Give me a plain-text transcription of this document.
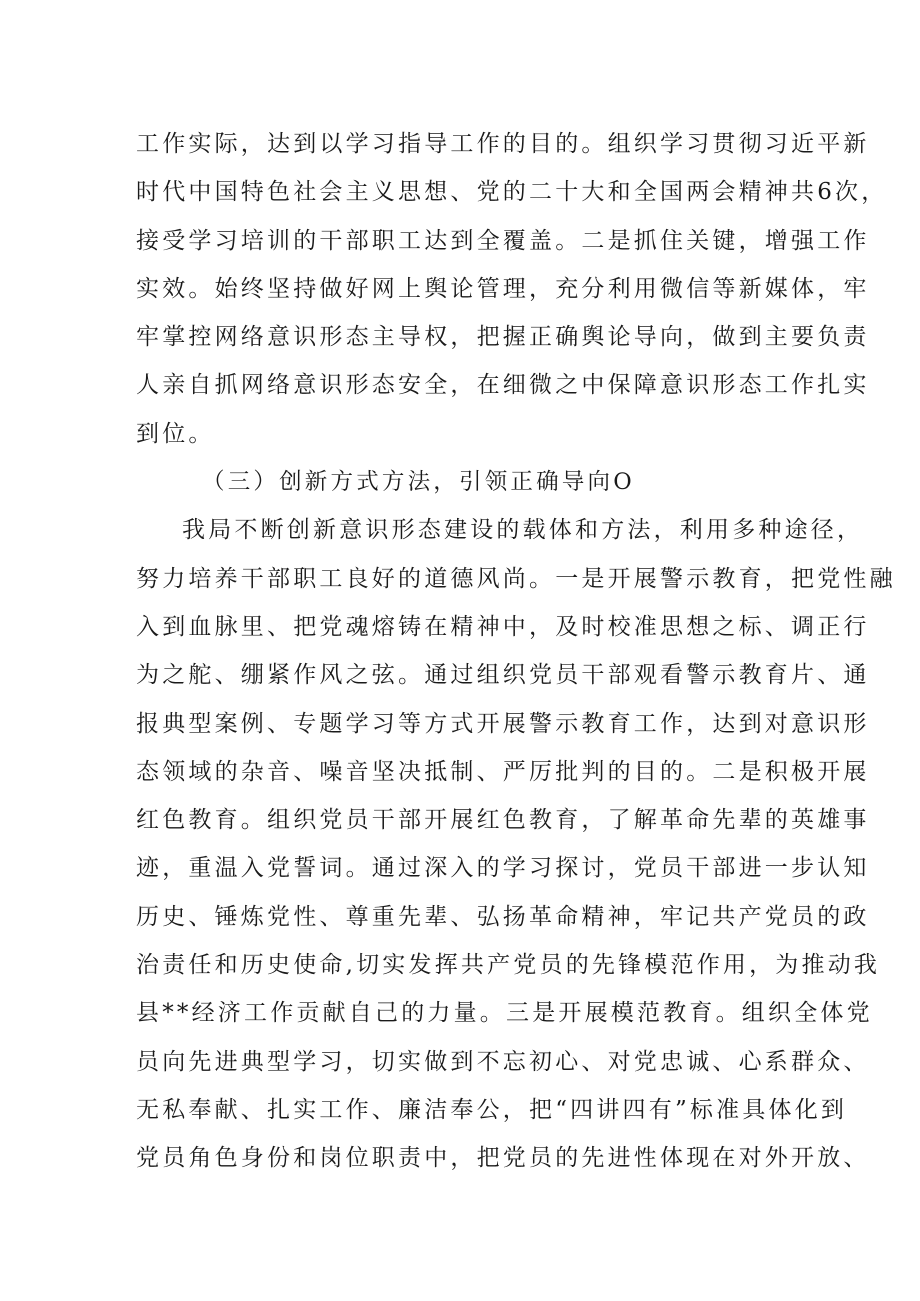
工作实际，达到以学习指导工作的目的。组织学习贯彻习近平新
时代中国特色社会主义思想、党的二十大和全国两会精神共6次，
接受学习培训的干部职工达到全覆盖。二是抓住关键，增强工作
实效。始终坚持做好网上舆论管理，充分利用微信等新媒体，牢
牢掌控网络意识形态主导权，把握正确舆论导向，做到主要负责
人亲自抓网络意识形态安全，在细微之中保障意识形态工作扎实
到位。
（三）创新方式方法，引领正确导向O
我局不断创新意识形态建设的载体和方法，利用多种途径，
努力培养干部职工良好的道德风尚。一是开展警示教育，把党性融
入到血脉里、把党魂熔铸在精神中，及时校准思想之标、调正行
为之舵、绷紧作风之弦。通过组织党员干部观看警示教育片、通
报典型案例、专题学习等方式开展警示教育工作，达到对意识形
态领域的杂音、噪音坚决抵制、严厉批判的目的。二是积极开展
红色教育。组织党员干部开展红色教育，了解革命先辈的英雄事
迹，重温入党誓词。通过深入的学习探讨，党员干部进一步认知
历史、锤炼党性、尊重先辈、弘扬革命精神，牢记共产党员的政
治责任和历史使命,切实发挥共产党员的先锋模范作用，为推动我
县**经济工作贡献自己的力量。三是开展模范教育。组织全体党
员向先进典型学习，切实做到不忘初心、对党忠诚、心系群众、
无私奉献、扎实工作、廉洁奉公，把“四讲四有”标准具体化到
党员角色身份和岗位职责中，把党员的先进性体现在对外开放、
